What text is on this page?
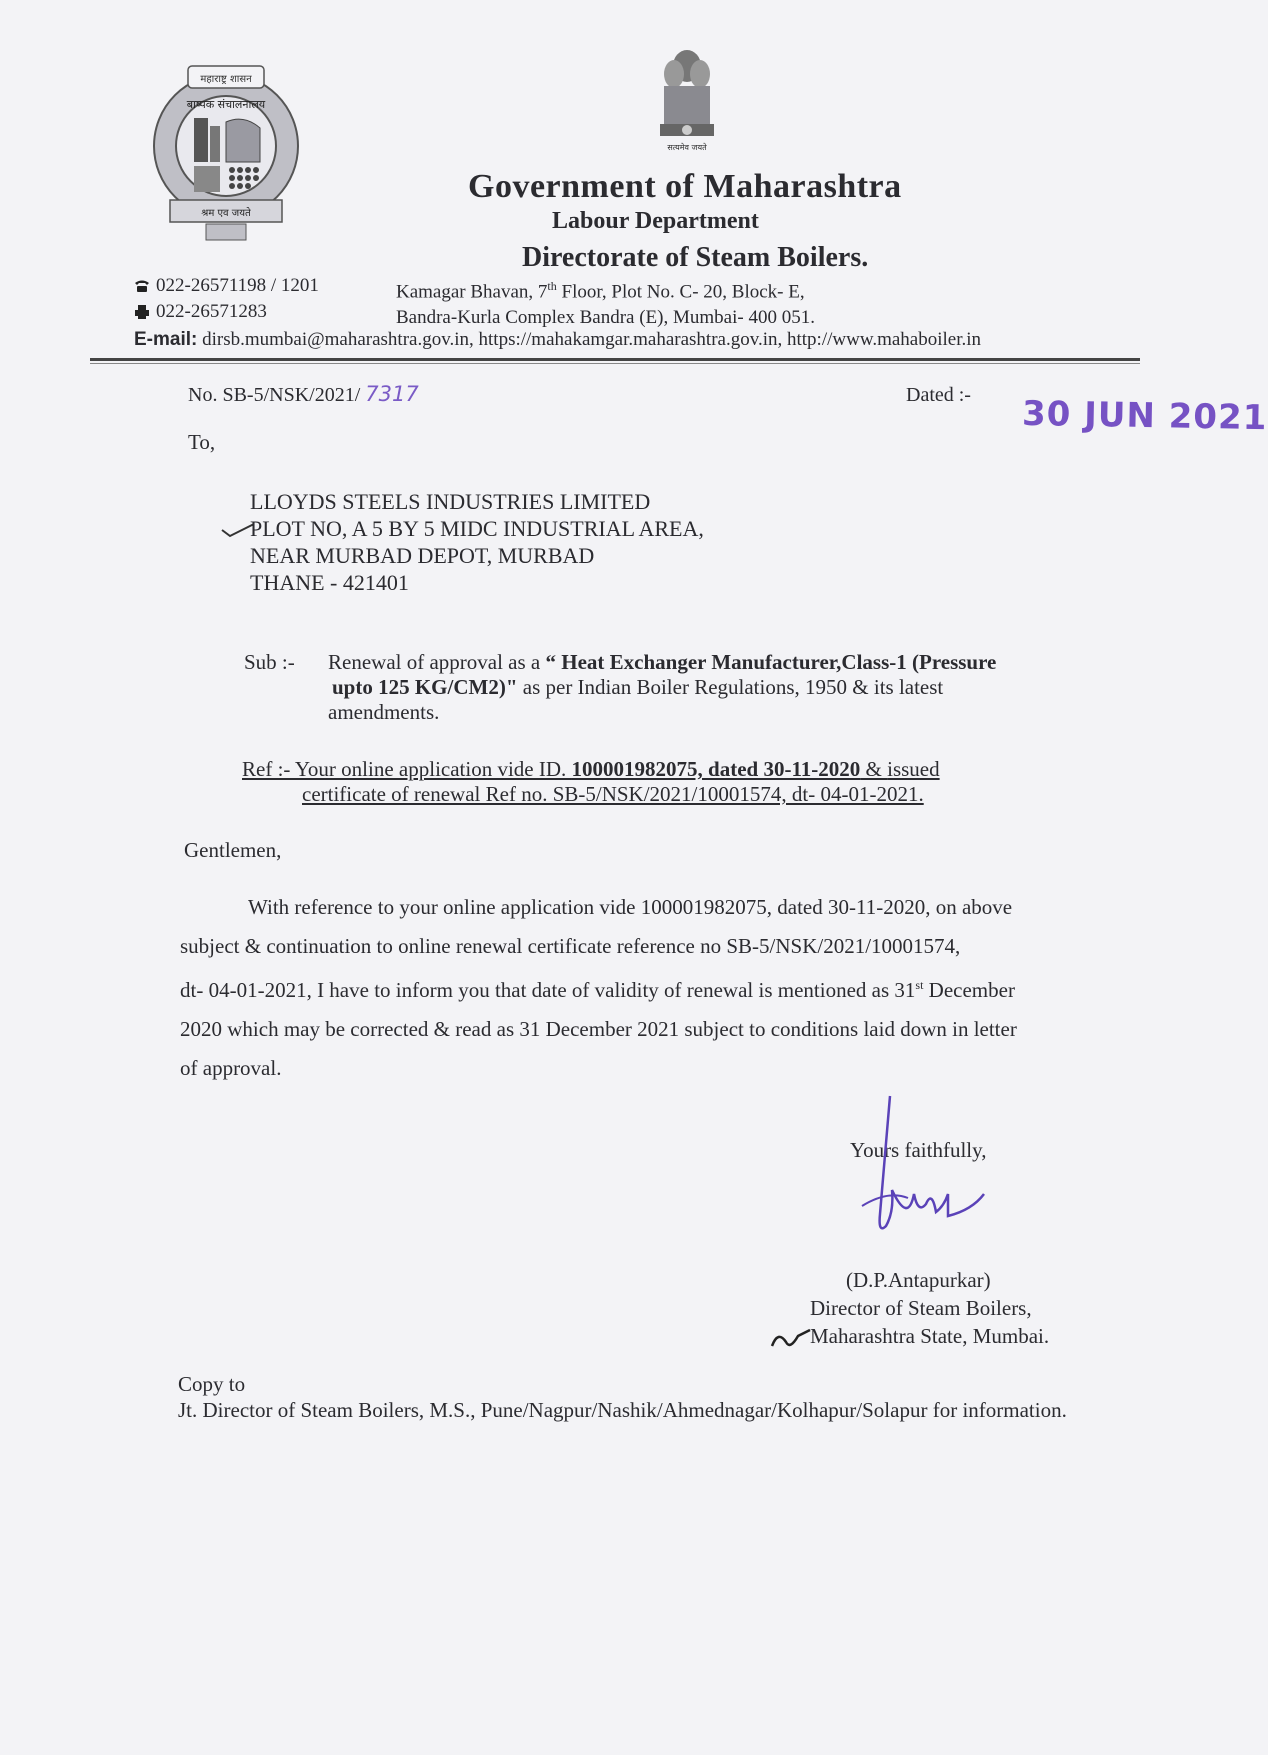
महाराष्ट्र शासन
बाष्पक संचालनालय
श्रम एव जयते
सत्यमेव जयते
Government of Maharashtra
Labour Department
Directorate of Steam Boilers.
022-26571198 / 1201
022-26571283
Kamagar Bhavan, 7th Floor, Plot No. C- 20, Block- E,
Bandra-Kurla Complex Bandra (E), Mumbai- 400 051.
E-mail: dirsb.mumbai@maharashtra.gov.in, https://mahakamgar.maharashtra.gov.in, http://www.mahaboiler.in
No. SB-5/NSK/2021/ 7317	Dated :- 30 JUN 2021
To,
LLOYDS STEELS INDUSTRIES LIMITED
PLOT NO, A 5 BY 5 MIDC INDUSTRIAL AREA,
NEAR MURBAD DEPOT, MURBAD
THANE - 421401
Sub :- Renewal of approval as a “ Heat Exchanger Manufacturer,Class-1 (Pressure
upto 125 KG/CM2)" as per Indian Boiler Regulations, 1950 & its latest
amendments.
Ref :- Your online application vide ID. 100001982075, dated 30-11-2020 & issued
certificate of renewal Ref no. SB-5/NSK/2021/10001574, dt- 04-01-2021.
Gentlemen,
With reference to your online application vide 100001982075, dated 30-11-2020, on above
subject & continuation to online renewal certificate reference no SB-5/NSK/2021/10001574,
dt- 04-01-2021, I have to inform you that date of validity of renewal is mentioned as 31st December
2020 which may be corrected & read as 31 December 2021 subject to conditions laid down in letter
of approval.
Yours faithfully,
(D.P.Antapurkar)
Director of Steam Boilers,
Maharashtra State, Mumbai.
Copy to
Jt. Director of Steam Boilers, M.S., Pune/Nagpur/Nashik/Ahmednagar/Kolhapur/Solapur for information.
